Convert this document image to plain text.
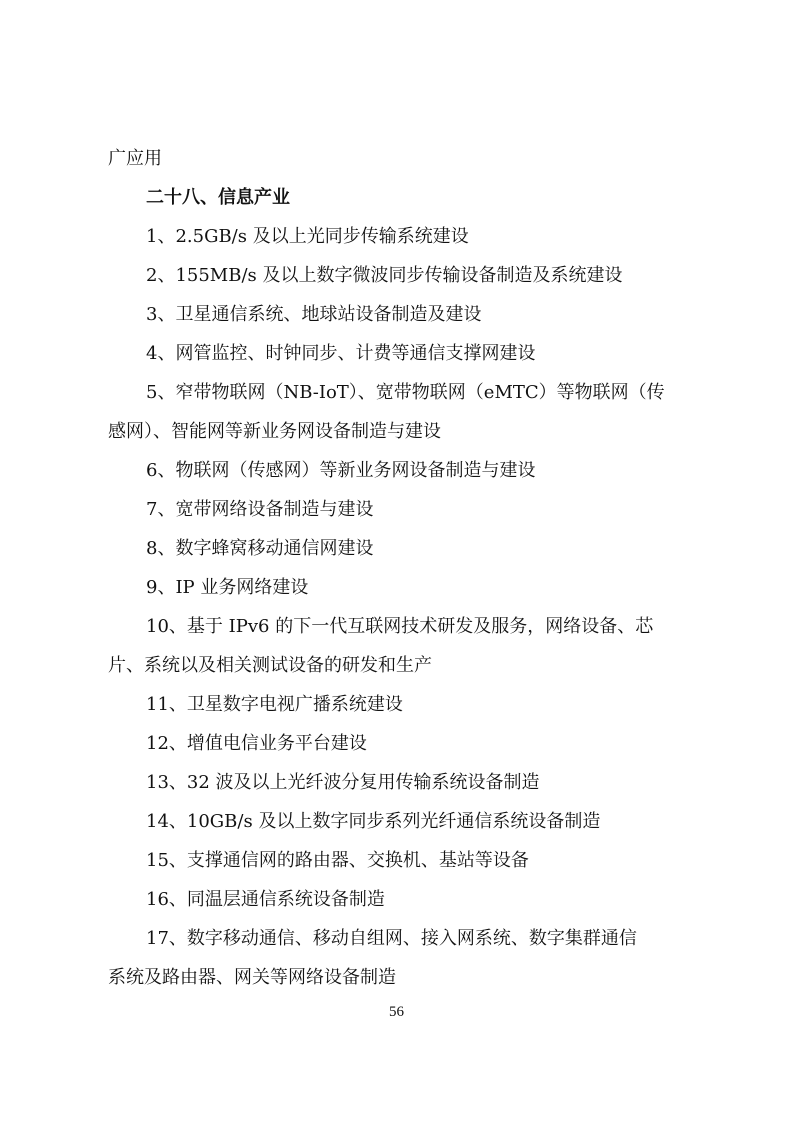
广应用
二十八、信息产业
1、2.5GB/s 及以上光同步传输系统建设
2、155MB/s 及以上数字微波同步传输设备制造及系统建设
3、卫星通信系统、地球站设备制造及建设
4、网管监控、时钟同步、计费等通信支撑网建设
5、窄带物联网（NB-IoT）、宽带物联网（eMTC）等物联网（传
感网）、智能网等新业务网设备制造与建设
6、物联网（传感网）等新业务网设备制造与建设
7、宽带网络设备制造与建设
8、数字蜂窝移动通信网建设
9、IP 业务网络建设
10、基于 IPv6 的下一代互联网技术研发及服务，网络设备、芯
片、系统以及相关测试设备的研发和生产
11、卫星数字电视广播系统建设
12、增值电信业务平台建设
13、32 波及以上光纤波分复用传输系统设备制造
14、10GB/s 及以上数字同步系列光纤通信系统设备制造
15、支撑通信网的路由器、交换机、基站等设备
16、同温层通信系统设备制造
17、数字移动通信、移动自组网、接入网系统、数字集群通信
系统及路由器、网关等网络设备制造
56
